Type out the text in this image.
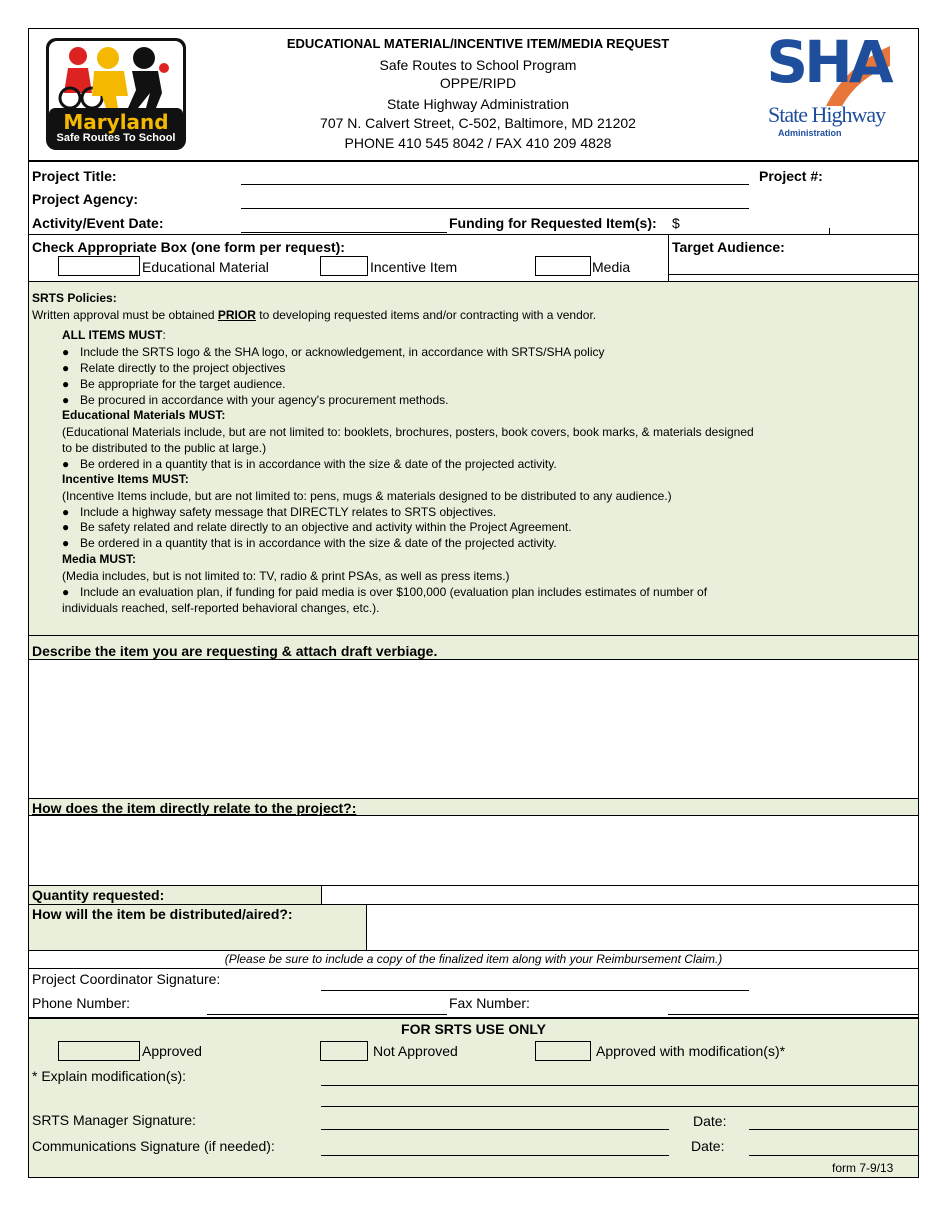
Maryland
Safe Routes To School
EDUCATIONAL MATERIAL/INCENTIVE ITEM/MEDIA REQUEST
Safe Routes to School Program
OPPE/RIPD
State Highway Administration
707 N. Calvert Street, C-502, Baltimore, MD 21202
PHONE 410 545 8042 / FAX 410 209 4828
SHA
State Highway
Administration
Project Title:	Project #:
Project Agency:
Activity/Event Date:	Funding for Requested Item(s): $
Check Appropriate Box (one form per request):
Educational Material	Incentive Item	Media
Target Audience:
SRTS Policies:
Written approval must be obtained PRIOR to developing requested items and/or contracting with a vendor.
ALL ITEMS MUST:
● Include the SRTS logo & the SHA logo, or acknowledgement, in accordance with SRTS/SHA policy
● Relate directly to the project objectives
● Be appropriate for the target audience.
● Be procured in accordance with your agency's procurement methods.
Educational Materials MUST:
(Educational Materials include, but are not limited to: booklets, brochures, posters, book covers, book marks, & materials designed
to be distributed to the public at large.)
● Be ordered in a quantity that is in accordance with the size & date of the projected activity.
Incentive Items MUST:
(Incentive Items include, but are not limited to: pens, mugs & materials designed to be distributed to any audience.)
● Include a highway safety message that DIRECTLY relates to SRTS objectives.
● Be safety related and relate directly to an objective and activity within the Project Agreement.
● Be ordered in a quantity that is in accordance with the size & date of the projected activity.
Media MUST:
(Media includes, but is not limited to: TV, radio & print PSAs, as well as press items.)
● Include an evaluation plan, if funding for paid media is over $100,000 (evaluation plan includes estimates of number of
individuals reached, self-reported behavioral changes, etc.).
Describe the item you are requesting & attach draft verbiage.
How does the item directly relate to the project?:
Quantity requested:
How will the item be distributed/aired?:
(Please be sure to include a copy of the finalized item along with your Reimbursement Claim.)
Project Coordinator Signature:
Phone Number:	Fax Number:
FOR SRTS USE ONLY
Approved	Not Approved	Approved with modification(s)*
* Explain modification(s):
SRTS Manager Signature:	Date:
Communications Signature (if needed):	Date:
form 7-9/13
